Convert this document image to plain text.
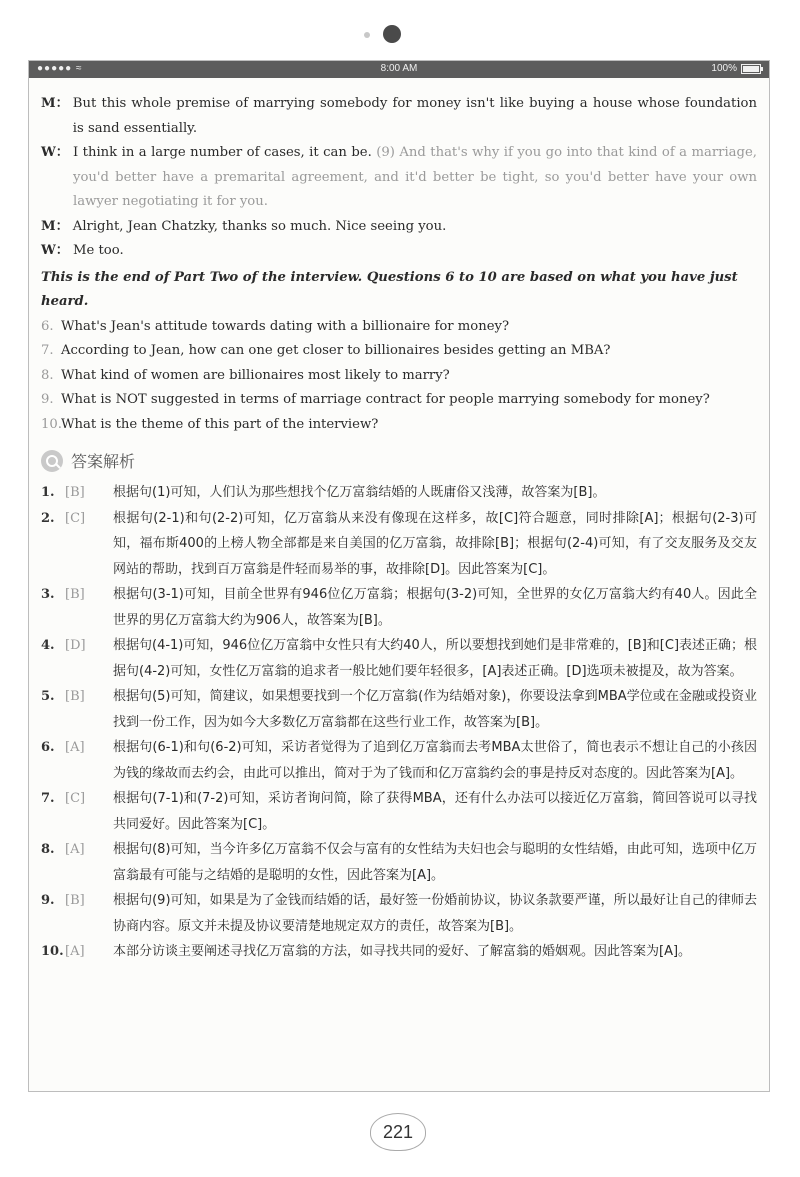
●●●●● ≈	8:00 AM	100%
M： But this whole premise of marrying somebody for money isn't like buying a house whose foundation is sand essentially.
W： I think in a large number of cases, it can be. (9) And that's why if you go into that kind of a marriage, you'd better have a premarital agreement, and it'd better be tight, so you'd better have your own lawyer negotiating it for you.
M： Alright, Jean Chatzky, thanks so much. Nice seeing you.
W： Me too.
This is the end of Part Two of the interview. Questions 6 to 10 are based on what you have just heard.
6. What's Jean's attitude towards dating with a billionaire for money?
7. According to Jean, how can one get closer to billionaires besides getting an MBA?
8. What kind of women are billionaires most likely to marry?
9. What is NOT suggested in terms of marriage contract for people marrying somebody for money?
10. What is the theme of this part of the interview?
答案解析
1. [B]	根据句(1)可知，人们认为那些想找个亿万富翁结婚的人既庸俗又浅薄，故答案为[B]。
2. [C]	根据句(2-1)和句(2-2)可知，亿万富翁从来没有像现在这样多，故[C]符合题意，同时排除[A]；根据句(2-3)可知，福布斯400的上榜人物全部都是来自美国的亿万富翁，故排除[B]；根据句(2-4)可知，有了交友服务及交友网站的帮助，找到百万富翁是件轻而易举的事，故排除[D]。因此答案为[C]。
3. [B]	根据句(3-1)可知，目前全世界有946位亿万富翁；根据句(3-2)可知，全世界的女亿万富翁大约有40人。因此全世界的男亿万富翁大约为906人，故答案为[B]。
4. [D]	根据句(4-1)可知，946位亿万富翁中女性只有大约40人，所以要想找到她们是非常难的，[B]和[C]表述正确；根据句(4-2)可知，女性亿万富翁的追求者一般比她们要年轻很多，[A]表述正确。[D]选项未被提及，故为答案。
5. [B]	根据句(5)可知，简建议，如果想要找到一个亿万富翁(作为结婚对象)，你要设法拿到MBA学位或在金融或投资业找到一份工作，因为如今大多数亿万富翁都在这些行业工作，故答案为[B]。
6. [A]	根据句(6-1)和句(6-2)可知，采访者觉得为了追到亿万富翁而去考MBA太世俗了，简也表示不想让自己的小孩因为钱的缘故而去约会，由此可以推出，简对于为了钱而和亿万富翁约会的事是持反对态度的。因此答案为[A]。
7. [C]	根据句(7-1)和(7-2)可知，采访者询问简，除了获得MBA，还有什么办法可以接近亿万富翁，简回答说可以寻找共同爱好。因此答案为[C]。
8. [A]	根据句(8)可知，当今许多亿万富翁不仅会与富有的女性结为夫妇也会与聪明的女性结婚，由此可知，选项中亿万富翁最有可能与之结婚的是聪明的女性，因此答案为[A]。
9. [B]	根据句(9)可知，如果是为了金钱而结婚的话，最好签一份婚前协议，协议条款要严谨，所以最好让自己的律师去协商内容。原文并未提及协议要清楚地规定双方的责任，故答案为[B]。
10. [A]	本部分访谈主要阐述寻找亿万富翁的方法，如寻找共同的爱好、了解富翁的婚姻观。因此答案为[A]。
221
